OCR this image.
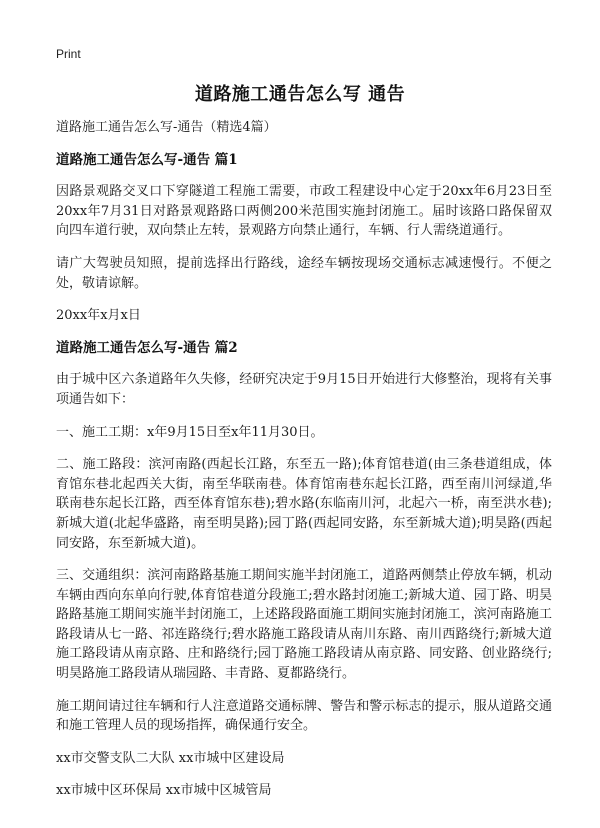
Print
道路施工通告怎么写 通告

道路施工通告怎么写-通告（精选4篇）

道路施工通告怎么写-通告 篇1

因路景观路交叉口下穿隧道工程施工需要，市政工程建设中心定于20xx年6月23日至20xx年7月31日对路景观路路口两侧200米范围实施封闭施工。届时该路口路保留双向四车道行驶，双向禁止左转，景观路方向禁止通行，车辆、行人需绕道通行。

请广大驾驶员知照，提前选择出行路线，途经车辆按现场交通标志减速慢行。不便之处，敬请谅解。

20xx年x月x日

道路施工通告怎么写-通告 篇2

由于城中区六条道路年久失修，经研究决定于9月15日开始进行大修整治，现将有关事项通告如下：

一、施工工期：x年9月15日至x年11月30日。

二、施工路段：滨河南路(西起长江路，东至五一路);体育馆巷道(由三条巷道组成，体育馆东巷北起西关大街，南至华联南巷。体育馆南巷东起长江路，西至南川河绿道,华联南巷东起长江路，西至体育馆东巷);碧水路(东临南川河，北起六一桥，南至洪水巷);新城大道(北起华盛路，南至明昊路);园丁路(西起同安路，东至新城大道);明昊路(西起同安路，东至新城大道)。

三、交通组织：滨河南路路基施工期间实施半封闭施工，道路两侧禁止停放车辆，机动车辆由西向东单向行驶,体育馆巷道分段施工;碧水路封闭施工;新城大道、园丁路、明昊路路基施工期间实施半封闭施工，上述路段路面施工期间实施封闭施工，滨河南路施工路段请从七一路、祁连路绕行;碧水路施工路段请从南川东路、南川西路绕行;新城大道施工路段请从南京路、庄和路绕行;园丁路施工路段请从南京路、同安路、创业路绕行;明昊路施工路段请从瑞园路、丰青路、夏都路绕行。

施工期间请过往车辆和行人注意道路交通标牌、警告和警示标志的提示，服从道路交通和施工管理人员的现场指挥，确保通行安全。

xx市交警支队二大队 xx市城中区建设局

xx市城中区环保局 xx市城中区城管局
